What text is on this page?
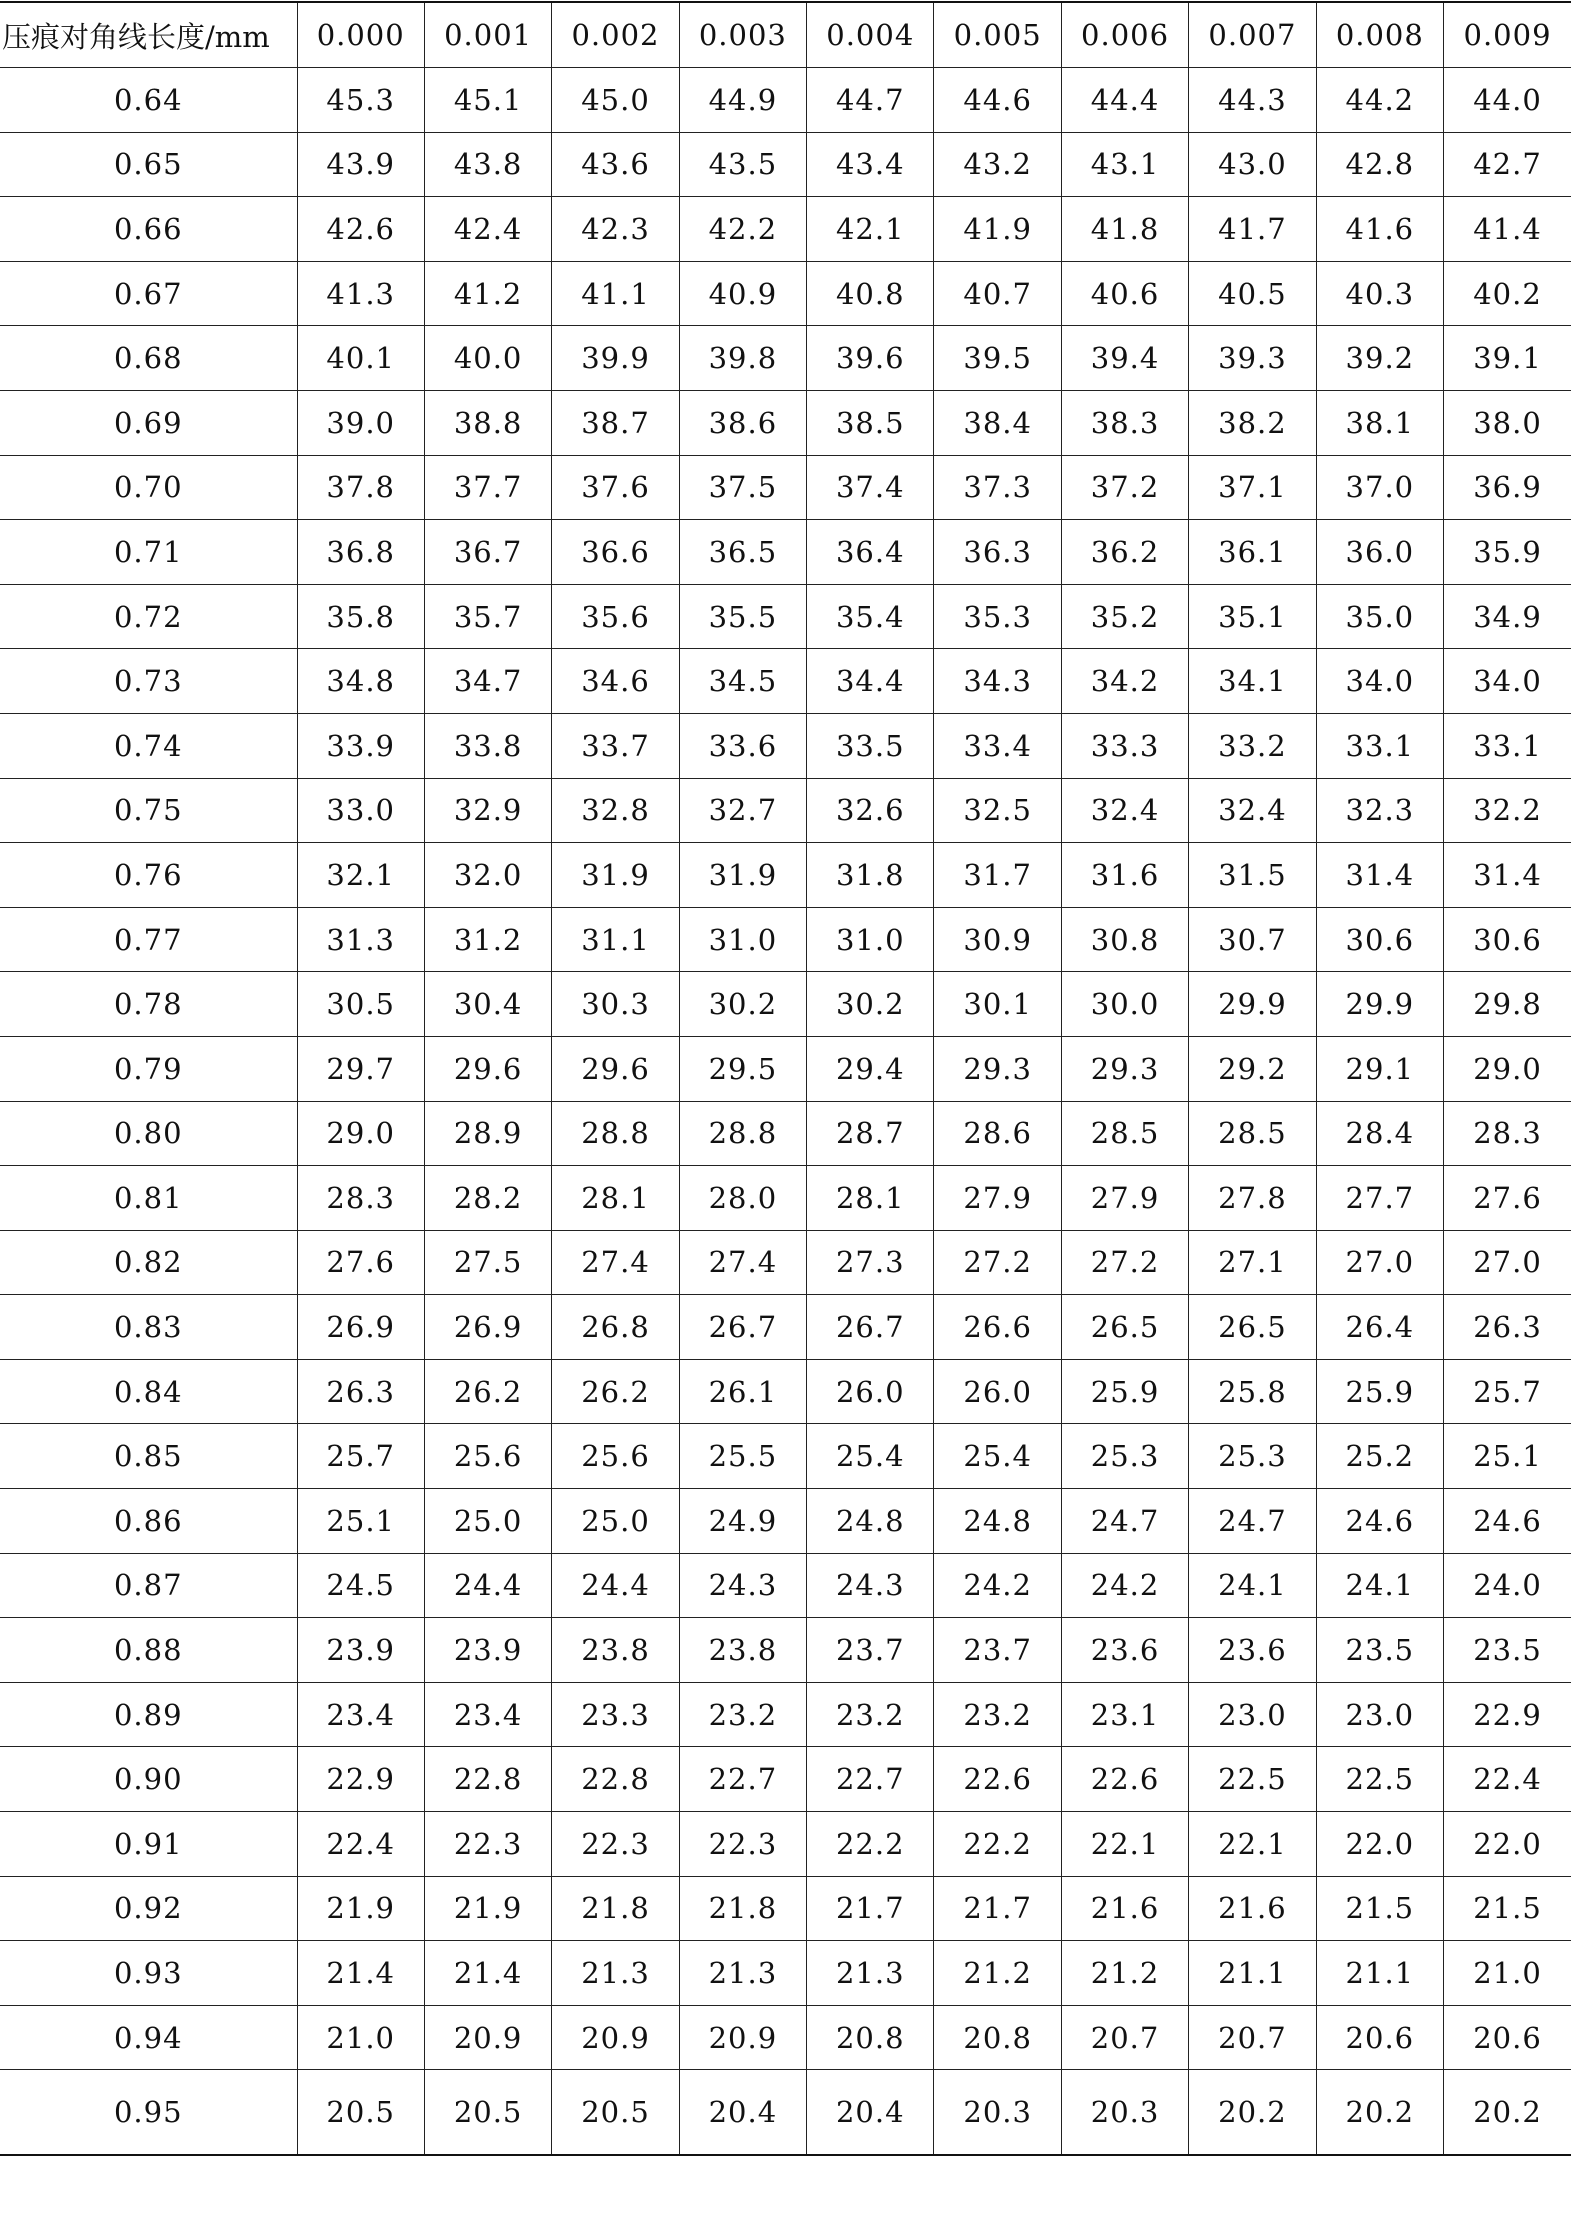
压痕对角线长度/mm	0.000	0.001	0.002	0.003	0.004	0.005	0.006	0.007	0.008	0.009
0.64	45.3	45.1	45.0	44.9	44.7	44.6	44.4	44.3	44.2	44.0
0.65	43.9	43.8	43.6	43.5	43.4	43.2	43.1	43.0	42.8	42.7
0.66	42.6	42.4	42.3	42.2	42.1	41.9	41.8	41.7	41.6	41.4
0.67	41.3	41.2	41.1	40.9	40.8	40.7	40.6	40.5	40.3	40.2
0.68	40.1	40.0	39.9	39.8	39.6	39.5	39.4	39.3	39.2	39.1
0.69	39.0	38.8	38.7	38.6	38.5	38.4	38.3	38.2	38.1	38.0
0.70	37.8	37.7	37.6	37.5	37.4	37.3	37.2	37.1	37.0	36.9
0.71	36.8	36.7	36.6	36.5	36.4	36.3	36.2	36.1	36.0	35.9
0.72	35.8	35.7	35.6	35.5	35.4	35.3	35.2	35.1	35.0	34.9
0.73	34.8	34.7	34.6	34.5	34.4	34.3	34.2	34.1	34.0	34.0
0.74	33.9	33.8	33.7	33.6	33.5	33.4	33.3	33.2	33.1	33.1
0.75	33.0	32.9	32.8	32.7	32.6	32.5	32.4	32.4	32.3	32.2
0.76	32.1	32.0	31.9	31.9	31.8	31.7	31.6	31.5	31.4	31.4
0.77	31.3	31.2	31.1	31.0	31.0	30.9	30.8	30.7	30.6	30.6
0.78	30.5	30.4	30.3	30.2	30.2	30.1	30.0	29.9	29.9	29.8
0.79	29.7	29.6	29.6	29.5	29.4	29.3	29.3	29.2	29.1	29.0
0.80	29.0	28.9	28.8	28.8	28.7	28.6	28.5	28.5	28.4	28.3
0.81	28.3	28.2	28.1	28.0	28.1	27.9	27.9	27.8	27.7	27.6
0.82	27.6	27.5	27.4	27.4	27.3	27.2	27.2	27.1	27.0	27.0
0.83	26.9	26.9	26.8	26.7	26.7	26.6	26.5	26.5	26.4	26.3
0.84	26.3	26.2	26.2	26.1	26.0	26.0	25.9	25.8	25.9	25.7
0.85	25.7	25.6	25.6	25.5	25.4	25.4	25.3	25.3	25.2	25.1
0.86	25.1	25.0	25.0	24.9	24.8	24.8	24.7	24.7	24.6	24.6
0.87	24.5	24.4	24.4	24.3	24.3	24.2	24.2	24.1	24.1	24.0
0.88	23.9	23.9	23.8	23.8	23.7	23.7	23.6	23.6	23.5	23.5
0.89	23.4	23.4	23.3	23.2	23.2	23.2	23.1	23.0	23.0	22.9
0.90	22.9	22.8	22.8	22.7	22.7	22.6	22.6	22.5	22.5	22.4
0.91	22.4	22.3	22.3	22.3	22.2	22.2	22.1	22.1	22.0	22.0
0.92	21.9	21.9	21.8	21.8	21.7	21.7	21.6	21.6	21.5	21.5
0.93	21.4	21.4	21.3	21.3	21.3	21.2	21.2	21.1	21.1	21.0
0.94	21.0	20.9	20.9	20.9	20.8	20.8	20.7	20.7	20.6	20.6
0.95	20.5	20.5	20.5	20.4	20.4	20.3	20.3	20.2	20.2	20.2
